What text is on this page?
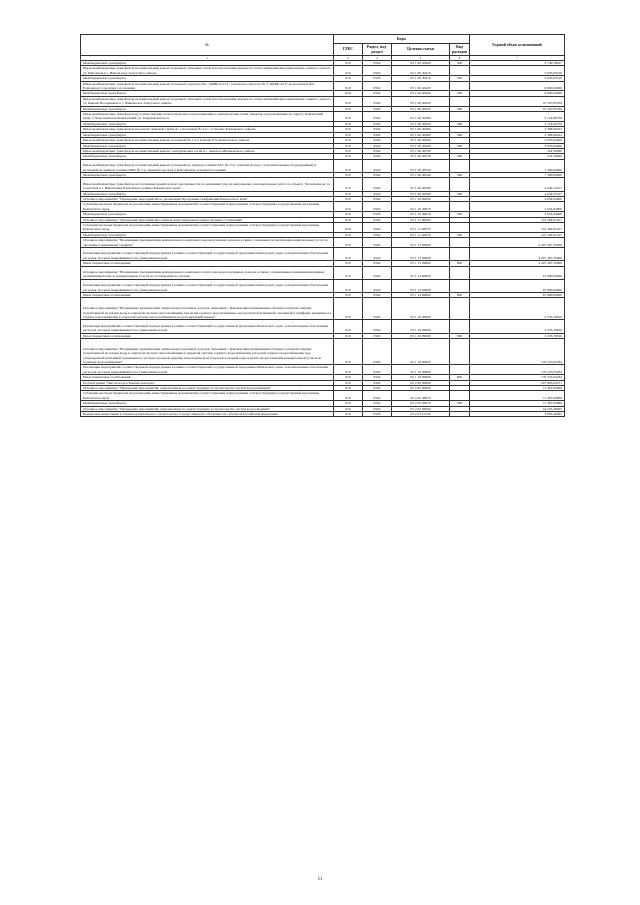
№	Коды				Годовой объем ассигнований
	ГРБС	Раздел, под-раздел	Целевая статья	Вид расходов	
2	3	4	5	6	7
Межбюджетные трансферты	810	0502	05 1 06 40400	500	4 739,78917
Иные межбюджетные трансферты на капитальный ремонт наружных тепловых сетей для обеспечения надежного теплоснабжения многоквартирного жилого дома по ул. Школьная в с. Никольское Алеутского района	810	0502	05 1 06 40410		5 635,63310
Межбюджетные трансферты	810	0502	05 1 06 40410	500	5 635,63310
Иные межбюджетные трансферты на капитальный ремонт котельного агрегата №1 "ДКВР-6,5/13", котельного агрегата № 3 "ДКВР-4/13" на котельной №4 Елизовского городского поселения	810	0502	05 1 06 40420		6 000,00000
Межбюджетные трансферты	810	0502	05 1 06 40420	500	6 000,00000
Иные межбюджетные трансферты на капитальный ремонт наружных тепловых сетей для обеспечения надежного теплоснабжения многоквартирного жилого дома по ул. Бекеша Володиевых в с. Никольское Алеутского района	810	0502	05 1 06 40450		10 547,83709
Межбюджетные трансферты	810	0502	05 1 06 40450	500	10 547,83709
Иные межбюджетные трансферты на осуществление технологического присоединения к электрическим сетям объектов, расположенных по адресу: Камчатский край, г. Петропавловск-Камчатский, ул. Озерновская коса	810	0502	05 1 06 40460		3 154,69736
Межбюджетные трансферты	810	0502	05 1 06 40460	500	3 154,69736
Иные межбюджетные трансферты на ремонт дымовой трубы № 1 котельной № 2 в с. Соболево Елизовского района	810	0502	05 1 06 40480		2 368,90222
Межбюджетные трансферты	810	0502	05 1 06 40480	500	2 368,90222
Иные межбюджетные трансферты на капитальный ремонт котельной № 1 в п. Ключи Усть-Камчатского района	810	0502	05 1 06 40490		3 053,84400
Межбюджетные трансферты	810	0502	05 1 06 40490	500	3 053,84400
Иные межбюджетные трансферты на капитальный ремонт электрических сетей в с. Аянское Мильковского района	810	0502	05 1 06 40530		324,30000
Межбюджетные трансферты	810	0502	05 1 06 40530	500	324,30000
Иные межбюджетные трансферты на капитальный ремонт котельной на твердом топливе КТГ № 13 (с заменой котлов с дополнительным оборудованием) и котельной на жидком топливе КЖТ № 3 (с заменой горелок) в Ключевском сельском поселении	810	0502	05 1 06 40540		7 300,00000
Межбюджетные трансферты	810	0502	05 1 06 40540	500	7 300,00000
Иные межбюджетные трансферты на погашение кредиторской задолженности по решениям суда на выполнение дополнительных работ по объекту "Котельная на ул. Советская в с. Николаевка Елизовского района Камчатского края"	810	0502	05 1 06 40580		2 044,52107
Межбюджетные трансферты	810	0502	05 1 06 40580	500	2 044,52107
Основное мероприятие "Проведение мероприятий по реализации Программы газификации Камчатского края"	810	0502	05 1 10 00000		2 654,84000
Субсидии местным бюджетам на реализацию инвестиционных мероприятий соответствующей подпрограммы соответствующей государственной программы Камчатского края	810	0502	05 1 10 40070		2 654,84000
Межбюджетные трансферты	810	0502	05 1 10 40070	500	2 654,84000
Основное мероприятие "Проведение мероприятий в рамках инвестиционных концессионных соглашений"	810	0502	05 1 11 00000		122 564,61917
Субсидии местным бюджетам на реализацию инвестиционных мероприятий соответствующей подпрограммы соответствующей государственной программы Камчатского края	810	0502	05 1 11 40070		122 564,61917
Межбюджетные трансферты	810	0502	05 1 11 40070	500	122 564,61917
Основное мероприятие "Возмещение предприятиям коммунального комплекса недополученных доходов в связи с оказанием потребителям коммунальных услуг по льготным (сниженным) тарифам"	810	0502	05 1 13 00000		4 297 487,35009
Реализация мероприятий соответствующей подпрограммы в рамках соответствующей государственной программы Камчатского края, за исключением обеспечения расходов, которые приравниваются к уникальным кодам	810	0502	05 1 13 09990		4 297 487,35009
Иные бюджетные ассигнования	810	0502	05 1 13 09990	800	4 297 487,35009
Основное мероприятие "Возмещение предприятиям коммунального комплекса затрат или недополученных доходов в связи с ограничением изменения вводимых граничными платы за коммунальные услуги по установленного уровня"	810	0502	05 1 14 00000		67 800,00000
Реализация мероприятий соответствующей подпрограммы в рамках соответствующей государственной программы Камчатского края, за исключением обеспечения расходов, которые приравниваются к уникальным кодам	810	0502	05 1 14 09990		67 800,00000
Иные бюджетные ассигнования	810	0502	05 1 14 09990	800	67 800,00000
Основное мероприятие "Возмещение юридическим лицам недополученных доходов, связанных с фактическим применением объемов тепловой энергии, потребляемой на нагрев воды в открытой системе теплоснабжения для целей горячего водоснабжения, над расчетной величиной, указанной в тарифных решениях на горячее водоснабжение в открытой системе теплоснабжения и на регулируемый период"	810	0502	05 1 16 00000		2 533,76816
Реализация мероприятий соответствующей подпрограммы в рамках соответствующей государственной программы Камчатского края, за исключением обеспечения расходов, которые приравниваются к уникальным кодам	810	0502	05 1 16 09990		2 533,76816
Иные бюджетные ассигнования	810	0502	05 1 16 09990	800	2 533,76816
Основное мероприятие "Возмещение юридическим лицам недополученных доходов, связанных с фактическим применением объемов тепловой энергии, потребляемой на нагрев воды в открытой системе теплоснабжения и закрытой системе горячего водоснабжения для целей горячего водоснабжения, над утвержденной величиной нормативного расхода тепловой энергии, используемой на подогрев холодной воды в целях предоставления коммунальной услуги по горячему водоснабжению"	810	0502	05 1 18 00000		179 225,63184
Реализация мероприятий соответствующей подпрограммы в рамках соответствующей государственной программы Камчатского края, за исключением обеспечения расходов, которые приравниваются к уникальным кодам	810	0502	05 1 18 09990		179 225,63184
Иные бюджетные ассигнования	810	0502	05 1 18 09990	800	179 225,63184
Подпрограмма "Чистая вода в Камчатском крае"	810	0502	05 2 00 00000		547 863,02071
Основное мероприятие "Проведение мероприятий, направленных на реконструкцию и строительство систем водоснабжения"	810	0502	05 2 02 00000		71 487,60666
Субсидии местным бюджетам на реализацию инвестиционных мероприятий соответствующей подпрограммы соответствующей государственной программы Камчатского края	810	0502	05 2 02 40070		71 487,60666
Межбюджетные трансферты	810	0502	05 2 02 40070	500	71 487,60666
Основное мероприятие "Проведение мероприятий, направленных на реконструкцию и строительство систем водоотведения"	810	0502	05 2 03 00000		44 523,48365
Бюджетные инвестиции в объекты капитального строительства государственной собственности субъектов Российской Федерации	810	0502	05 2 03 10130		3 803,48365
11
